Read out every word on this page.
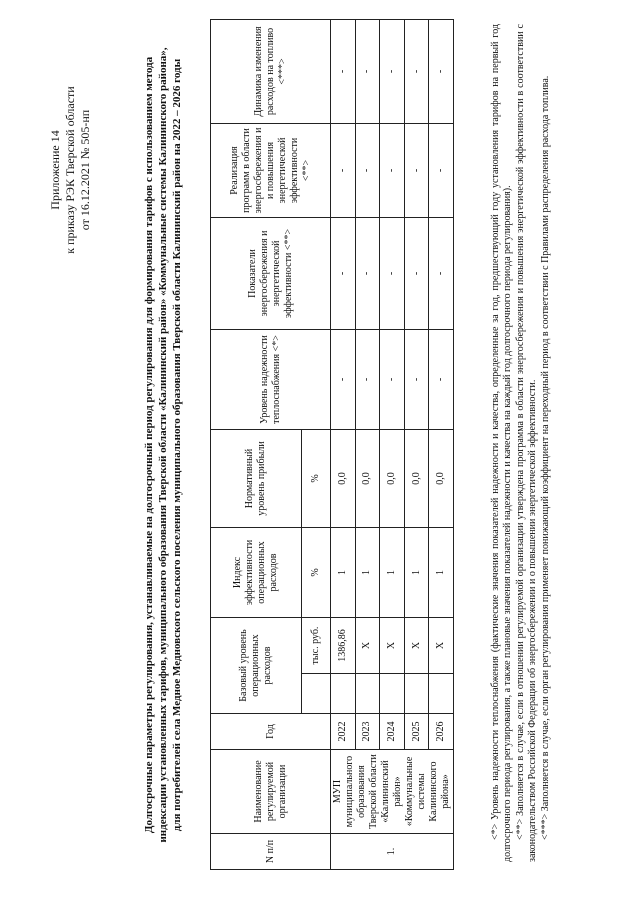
Приложение 14 к приказу РЭК Тверской области от 16.12.2021 № 505-нп	Долгосрочные параметры регулирования, устанавливаемые на долгосрочный период регулирования для формирования тарифов с использованием метода индексации установленных тарифов, муниципального образования Тверской области «Калининский район» «Коммунальные системы Калининского района», для потребителей села Медное Медновского сельского поселения муниципального образования Тверской области Калининский район на 2022 – 2026 годы
N п/п	Наименование регулируемой организации	Год	Базовый уровень операционных расходов		Индекс эффективности операционных расходов	Нормативный уровень прибыли	Уровень надежности теплоснабжения <*>	Показатели энергосбережения и энергетической эффективности <**>	Реализация программ в области энергосбережения и и повышения энергетической эффективности <**>	Динамика изменения расходов на топливо <***>
				тыс. руб.	%	%				
1.	МУП муниципального образования Тверской области «Калининский район» «Коммунальные системы Калининского района»	2022		1386,86	1	0,0	-	-	-	-
		2023		X	1	0,0	-	-	-	-
		2024		X	1	0,0	-	-	-	-
		2025		X	1	0,0	-	-	-	-
		2026		X	1	0,0	-	-	-	-	<*> Уровень надежности теплоснабжения (фактические значения показателей надежности и качества, определенные за год, предшествующий году установления тарифов на первый год долгосрочного периода регулирования, а также плановые значения показателей надежности и качества на каждый год долгосрочного периода регулирования). <**> Заполняется в случае, если в отношении регулируемой организации утверждена программа в области энергосбережения и повышения энергетической эффективности в соответствии с законодательством Российской Федерации об энергосбережении и о повышении энергетической эффективности. <***> Заполняется в случае, если орган регулирования применяет понижающий коэффициент на переходный период в соответствии с Правилами распределения расхода топлива.
